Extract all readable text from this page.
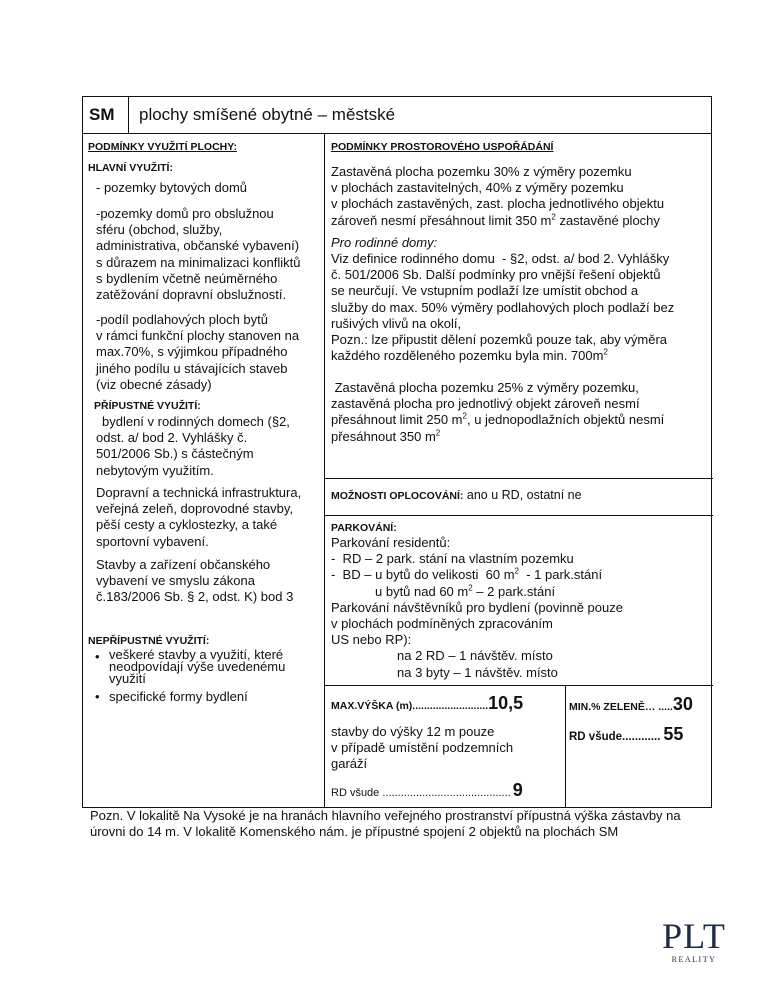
SM	plochy smíšené obytné – městské
PODMÍNKY VYUŽITÍ PLOCHY:
HLAVNÍ VYUŽITÍ:
- pozemky bytových domů
-pozemky domů pro obslužnou
sféru (obchod, služby,
administrativa, občanské vybavení)
s důrazem na minimalizaci konfliktů
s bydlením včetně neúměrného
zatěžování dopravní obslužností.
-podíl podlahových ploch bytů
v rámci funkční plochy stanoven na
max.70%, s výjimkou případného
jiného podílu u stávajících staveb
(viz obecné zásady)
PŘÍPUSTNÉ VYUŽITÍ:
bydlení v rodinných domech (§2,
odst. a/ bod 2. Vyhlášky č.
501/2006 Sb.) s částečným
nebytovým využitím.
Dopravní a technická infrastruktura,
veřejná zeleň, doprovodné stavby,
pěší cesty a cyklostezky, a také
sportovní vybavení.
Stavby a zařízení občanského
vybavení ve smyslu zákona
č.183/2006 Sb. § 2, odst. K) bod 3
NEPŘÍPUSTNÉ VYUŽITÍ:
• veškeré stavby a využití, které
neodpovídají výše uvedenému
využití
• specifické formy bydlení
PODMÍNKY PROSTOROVÉHO USPOŘÁDÁNÍ
Zastavěná plocha pozemku 30% z výměry pozemku
v plochách zastavitelných, 40% z výměry pozemku
v plochách zastavěných, zast. plocha jednotlivého objektu
zároveň nesmí přesáhnout limit 350 $m^2$ zastavěné plochy
Pro rodinné domy:
Viz definice rodinného domu  - §2, odst. a/ bod 2. Vyhlášky
č. 501/2006 Sb. Další podmínky pro vnější řešení objektů
se neurčují. Ve vstupním podlaží lze umístit obchod a
služby do max. 50% výměry podlahových ploch podlaží bez
rušivých vlivů na okolí,
Pozn.: lze připustit dělení pozemků pouze tak, aby výměra
každého rozděleného pozemku byla min. $700m^2$
Zastavěná plocha pozemku 25% z výměry pozemku,
zastavěná plocha pro jednotlivý objekt zároveň nesmí
přesáhnout limit 250 $m^2$, u jednopodlažních objektů nesmí
přesáhnout 350 $m^2$
MOŽNOSTI OPLOCOVÁNÍ: ano u RD, ostatní ne
PARKOVÁNÍ:
Parkování residentů:
-  RD – 2 park. stání na vlastním pozemku
-  BD – u bytů do velikosti  60 $m^2 - 1$ park.stání
u bytů nad 60 $m^2 - 2$ park.stání
Parkování návštěvníků pro bydlení (povinně pouze
v plochách podmíněných zpracováním
US nebo RP):
na 2 RD – 1 návštěv. místo
na 3 byty – 1 návštěv. místo
MAX.VÝŠKA (m)..........................10,5
stavby do výšky 12 m pouze
v případě umístění podzemních
garáží
RD všude .......................................... 9
MIN.% ZELENĚ… .....30
RD všude............ 55
Pozn. V lokalitě Na Vysoké je na hranách hlavního veřejného prostranství přípustná výška zástavby na úrovni do 14 m. V lokalitě Komenského nám. je přípustné spojení 2 objektů na plochách SM
PLT
REALITY
